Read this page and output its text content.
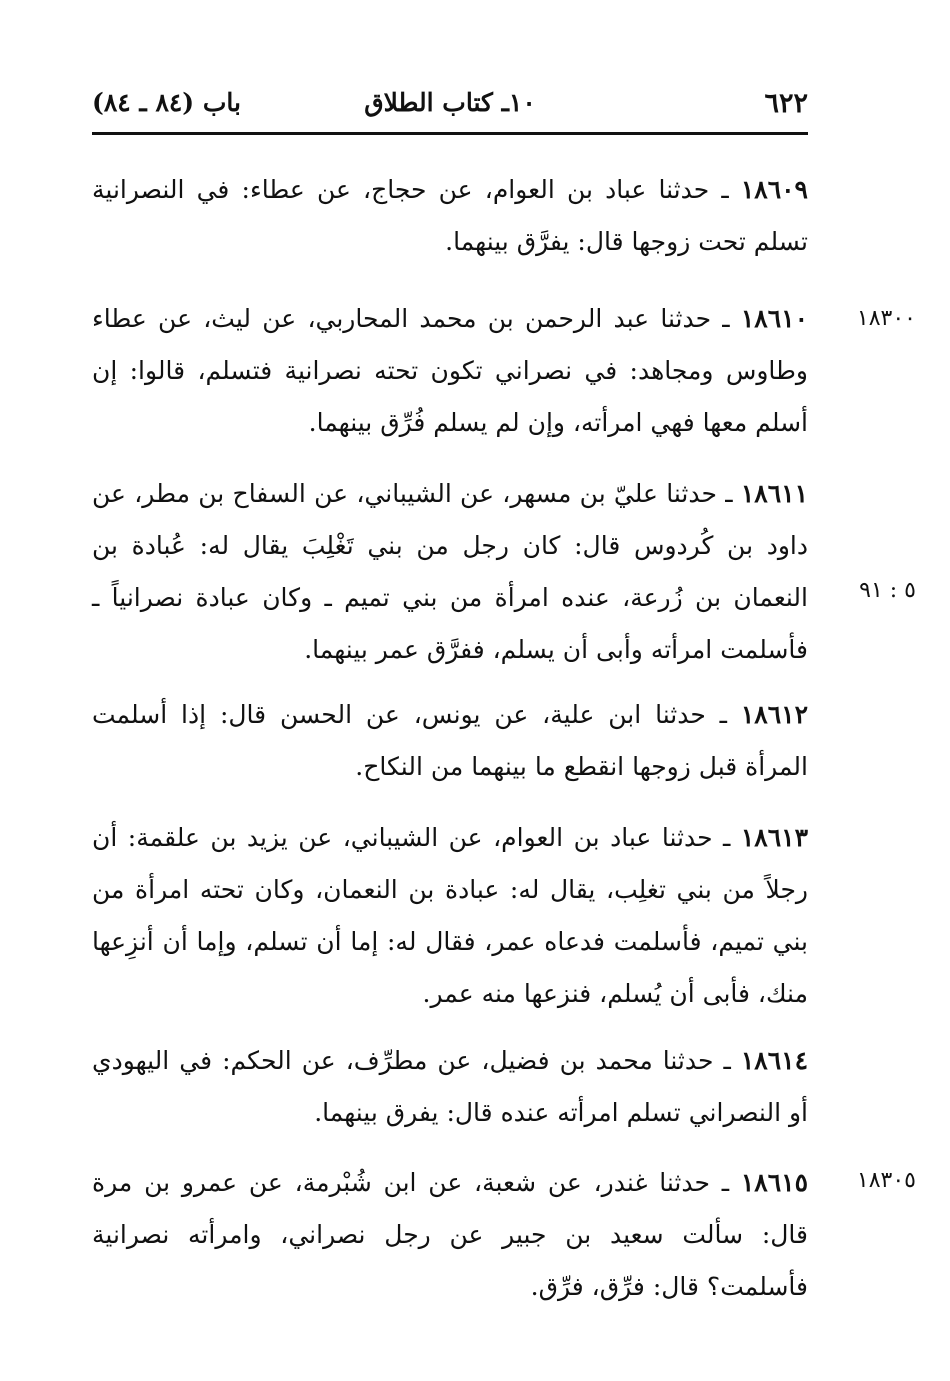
٦٢٢
١٠ـ كتاب الطلاق
باب (٨٤ ـ ٨٤)
١٨٣٠٠
٥ : ٩١
١٨٣٠٥
١٨٦٠٩ ـ حدثنا عباد بن العوام، عن حجاج، عن عطاء: في النصرانية تسلم تحت زوجها قال: يفرَّق بينهما.
١٨٦١٠ ـ حدثنا عبد الرحمن بن محمد المحاربي، عن ليث، عن عطاء وطاوس ومجاهد: في نصراني تكون تحته نصرانية فتسلم، قالوا: إن أسلم معها فهي امرأته، وإن لم يسلم فُرِّق بينهما.
١٨٦١١ ـ حدثنا عليّ بن مسهر، عن الشيباني، عن السفاح بن مطر، عن داود بن كُردوس قال: كان رجل من بني تَغْلِبَ يقال له: عُبادة بن النعمان بن زُرعة، عنده امرأة من بني تميم ـ وكان عبادة نصرانياً ـ فأسلمت امرأته وأبى أن يسلم، ففرَّق عمر بينهما.
١٨٦١٢ ـ حدثنا ابن علية، عن يونس، عن الحسن قال: إذا أسلمت المرأة قبل زوجها انقطع ما بينهما من النكاح.
١٨٦١٣ ـ حدثنا عباد بن العوام، عن الشيباني، عن يزيد بن علقمة: أن رجلاً من بني تغلِب، يقال له: عبادة بن النعمان، وكان تحته امرأة من بني تميم، فأسلمت فدعاه عمر، فقال له: إما أن تسلم، وإما أن أنزِعها منك، فأبى أن يُسلم، فنزعها منه عمر.
١٨٦١٤ ـ حدثنا محمد بن فضيل، عن مطرِّف، عن الحكم: في اليهودي أو النصراني تسلم امرأته عنده قال: يفرق بينهما.
١٨٦١٥ ـ حدثنا غندر، عن شعبة، عن ابن شُبْرمة، عن عمرو بن مرة قال: سألت سعيد بن جبير عن رجل نصراني، وامرأته نصرانية فأسلمت؟ قال: فرِّق، فرِّق.
